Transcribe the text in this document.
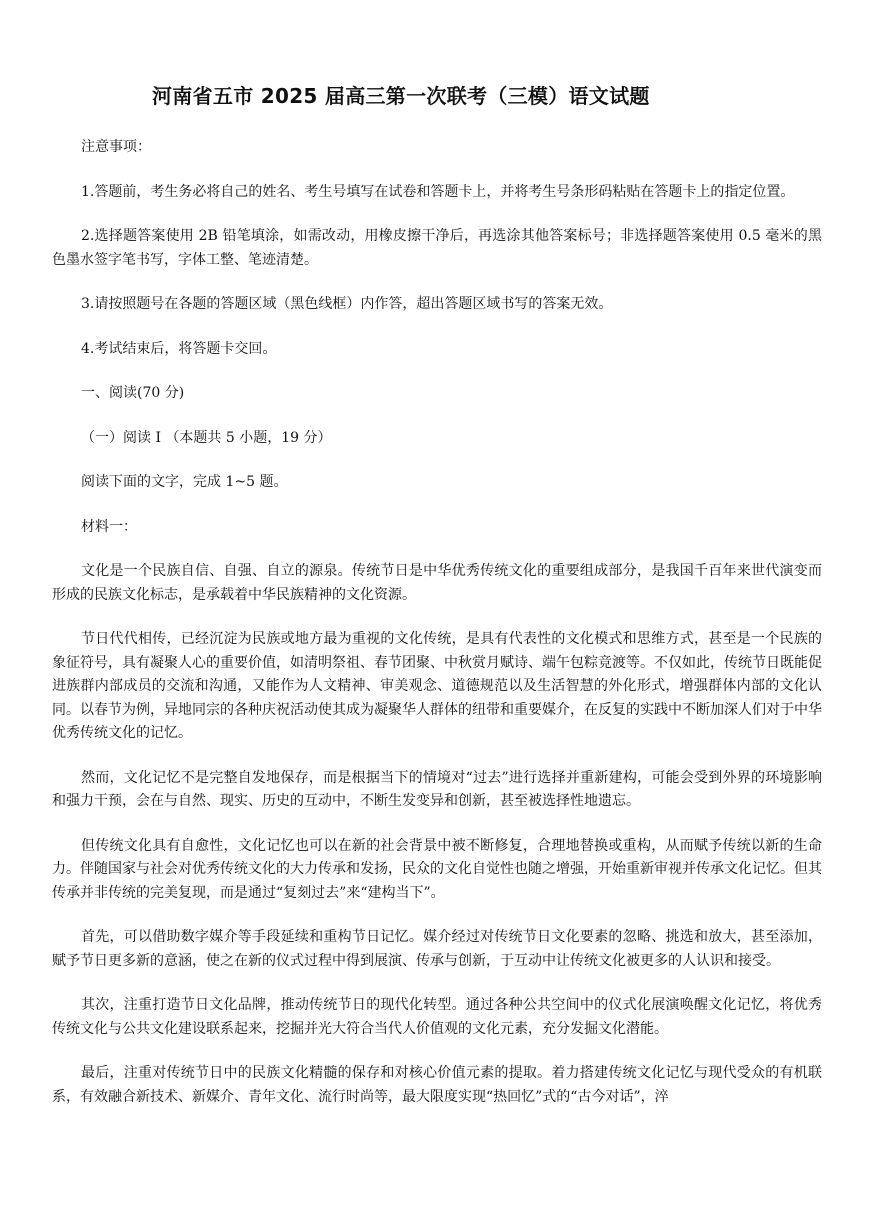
河南省五市 2025 届高三第一次联考（三模）语文试题

注意事项：

1.答题前，考生务必将自己的姓名、考生号填写在试卷和答题卡上，并将考生号条形码粘贴在答题卡上的指定位置。

2.选择题答案使用 2B 铅笔填涂，如需改动，用橡皮擦干净后，再选涂其他答案标号；非选择题答案使用 0.5 毫米的黑色墨水签字笔书写，字体工整、笔迹清楚。

3.请按照题号在各题的答题区域（黑色线框）内作答，超出答题区域书写的答案无效。

4.考试结束后，将答题卡交回。

一、阅读(70 分)

（一）阅读 I （本题共 5 小题，19 分）

阅读下面的文字，完成 1~5 题。

材料一：

文化是一个民族自信、自强、自立的源泉。传统节日是中华优秀传统文化的重要组成部分，是我国千百年来世代演变而形成的民族文化标志，是承载着中华民族精神的文化资源。

节日代代相传，已经沉淀为民族或地方最为重视的文化传统，是具有代表性的文化模式和思维方式，甚至是一个民族的象征符号，具有凝聚人心的重要价值，如清明祭祖、春节团聚、中秋赏月赋诗、端午包粽竞渡等。不仅如此，传统节日既能促进族群内部成员的交流和沟通，又能作为人文精神、审美观念、道德规范以及生活智慧的外化形式，增强群体内部的文化认同。以春节为例，异地同宗的各种庆祝活动使其成为凝聚华人群体的纽带和重要媒介，在反复的实践中不断加深人们对于中华优秀传统文化的记忆。

然而，文化记忆不是完整自发地保存，而是根据当下的情境对“过去”进行选择并重新建构，可能会受到外界的环境影响和强力干预，会在与自然、现实、历史的互动中，不断生发变异和创新，甚至被选择性地遗忘。

但传统文化具有自愈性，文化记忆也可以在新的社会背景中被不断修复，合理地替换或重构，从而赋予传统以新的生命力。伴随国家与社会对优秀传统文化的大力传承和发扬，民众的文化自觉性也随之增强，开始重新审视并传承文化记忆。但其传承并非传统的完美复现，而是通过“复刻过去”来“建构当下”。

首先，可以借助数字媒介等手段延续和重构节日记忆。媒介经过对传统节日文化要素的忽略、挑选和放大，甚至添加，赋予节日更多新的意涵，使之在新的仪式过程中得到展演、传承与创新，于互动中让传统文化被更多的人认识和接受。

其次，注重打造节日文化品牌，推动传统节日的现代化转型。通过各种公共空间中的仪式化展演唤醒文化记忆，将优秀传统文化与公共文化建设联系起来，挖掘并光大符合当代人价值观的文化元素，充分发掘文化潜能。

最后，注重对传统节日中的民族文化精髓的保存和对核心价值元素的提取。着力搭建传统文化记忆与现代受众的有机联系，有效融合新技术、新媒介、青年文化、流行时尚等，最大限度实现“热回忆”式的“古今对话”，淬
